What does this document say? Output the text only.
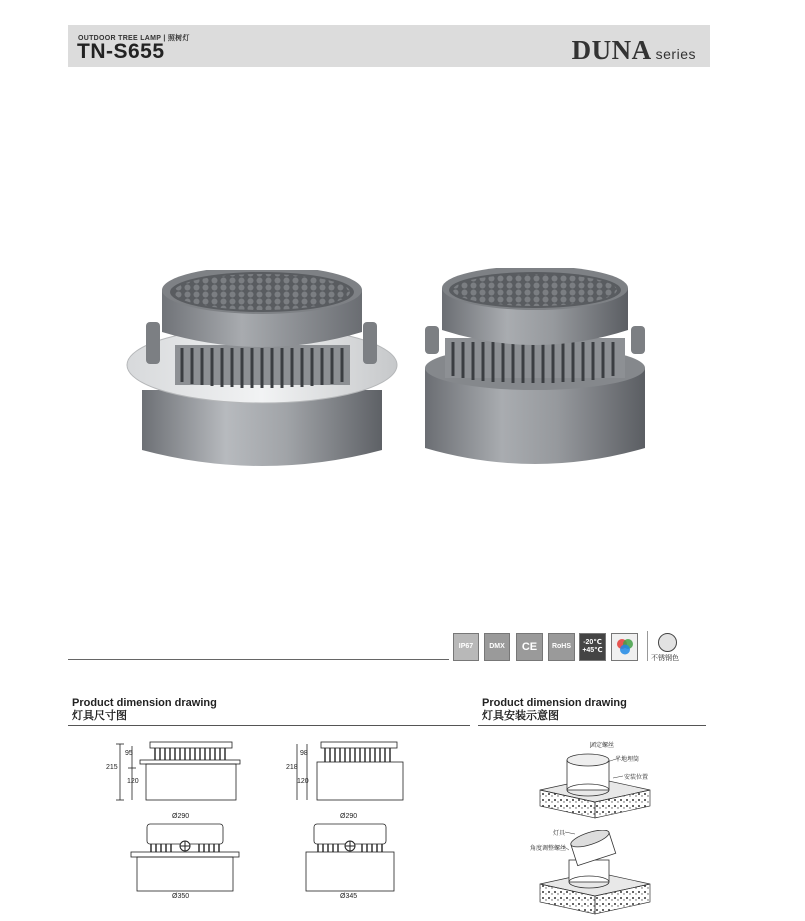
OUTDOOR TREE LAMP | 照树灯
TN-S655	DUNA series
IP67 DMX CE RoHS
-20℃
+45℃
不锈钢色
Product dimension drawing
灯具尺寸图
Product dimension drawing
灯具安装示意图
95
215
120
98
218
120
Ø290
Ø350
Ø290
Ø345
固定螺丝
半地埋筒
安装位置
灯具
角度调整螺丝
